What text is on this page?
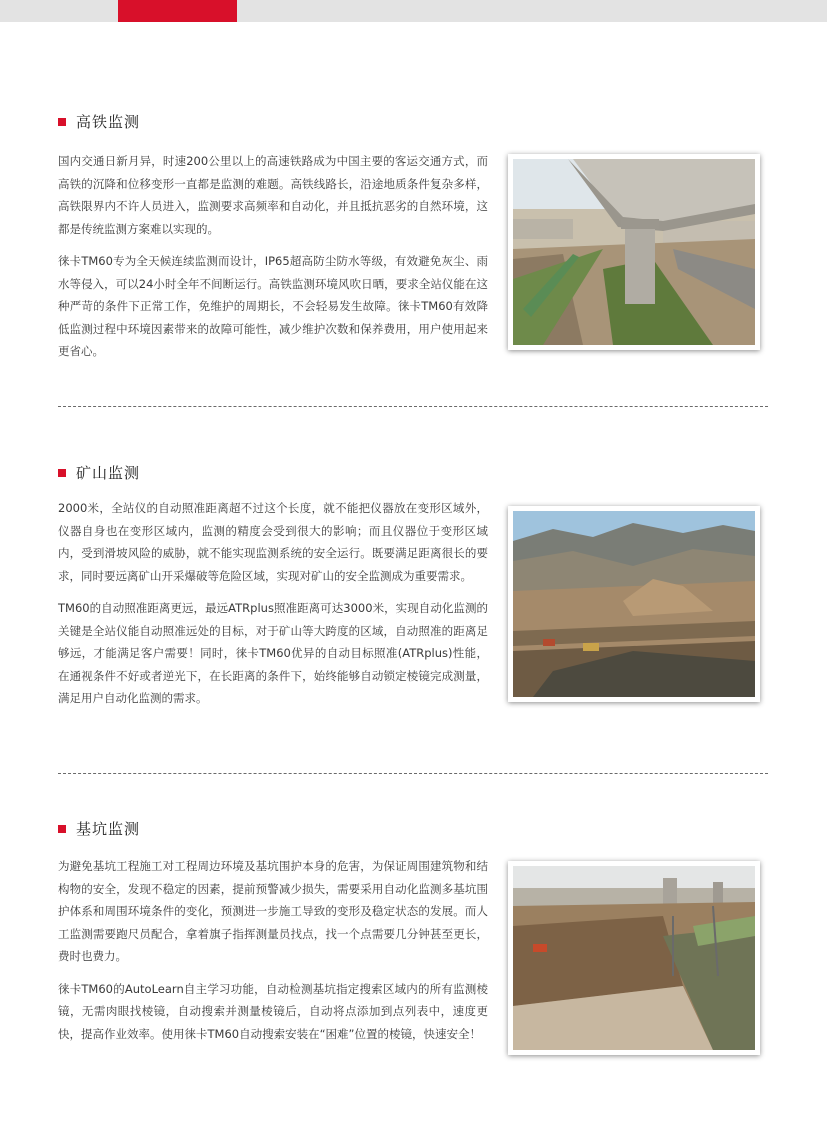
高铁监测

国内交通日新月异，时速200公里以上的高速铁路成为中国主要的客运交通方式，而高铁的沉降和位移变形一直都是监测的难题。高铁线路长，沿途地质条件复杂多样，高铁限界内不许人员进入，监测要求高频率和自动化，并且抵抗恶劣的自然环境，这都是传统监测方案难以实现的。

徕卡TM60专为全天候连续监测而设计，IP65超高防尘防水等级，有效避免灰尘、雨水等侵入，可以24小时全年不间断运行。高铁监测环境风吹日晒，要求全站仪能在这种严苛的条件下正常工作，免维护的周期长，不会轻易发生故障。徕卡TM60有效降低监测过程中环境因素带来的故障可能性，减少维护次数和保养费用，用户使用起来更省心。

矿山监测

2000米，全站仪的自动照准距离超不过这个长度，就不能把仪器放在变形区域外，仪器自身也在变形区域内，监测的精度会受到很大的影响；而且仪器位于变形区域内，受到滑坡风险的威胁，就不能实现监测系统的安全运行。既要满足距离很长的要求，同时要远离矿山开采爆破等危险区域，实现对矿山的安全监测成为重要需求。

TM60的自动照准距离更远，最远ATRplus照准距离可达3000米，实现自动化监测的关键是全站仪能自动照准远处的目标，对于矿山等大跨度的区域，自动照准的距离足够远，才能满足客户需要！同时，徕卡TM60优异的自动目标照准(ATRplus)性能，在通视条件不好或者逆光下，在长距离的条件下，始终能够自动锁定棱镜完成测量，满足用户自动化监测的需求。

基坑监测

为避免基坑工程施工对工程周边环境及基坑围护本身的危害，为保证周围建筑物和结构物的安全，发现不稳定的因素，提前预警减少损失，需要采用自动化监测多基坑围护体系和周围环境条件的变化，预测进一步施工导致的变形及稳定状态的发展。而人工监测需要跑尺员配合，拿着旗子指挥测量员找点，找一个点需要几分钟甚至更长，费时也费力。

徕卡TM60的AutoLearn自主学习功能，自动检测基坑指定搜索区域内的所有监测棱镜，无需肉眼找棱镜，自动搜索并测量棱镜后，自动将点添加到点列表中，速度更快，提高作业效率。使用徕卡TM60自动搜索安装在“困难”位置的棱镜，快速安全！
